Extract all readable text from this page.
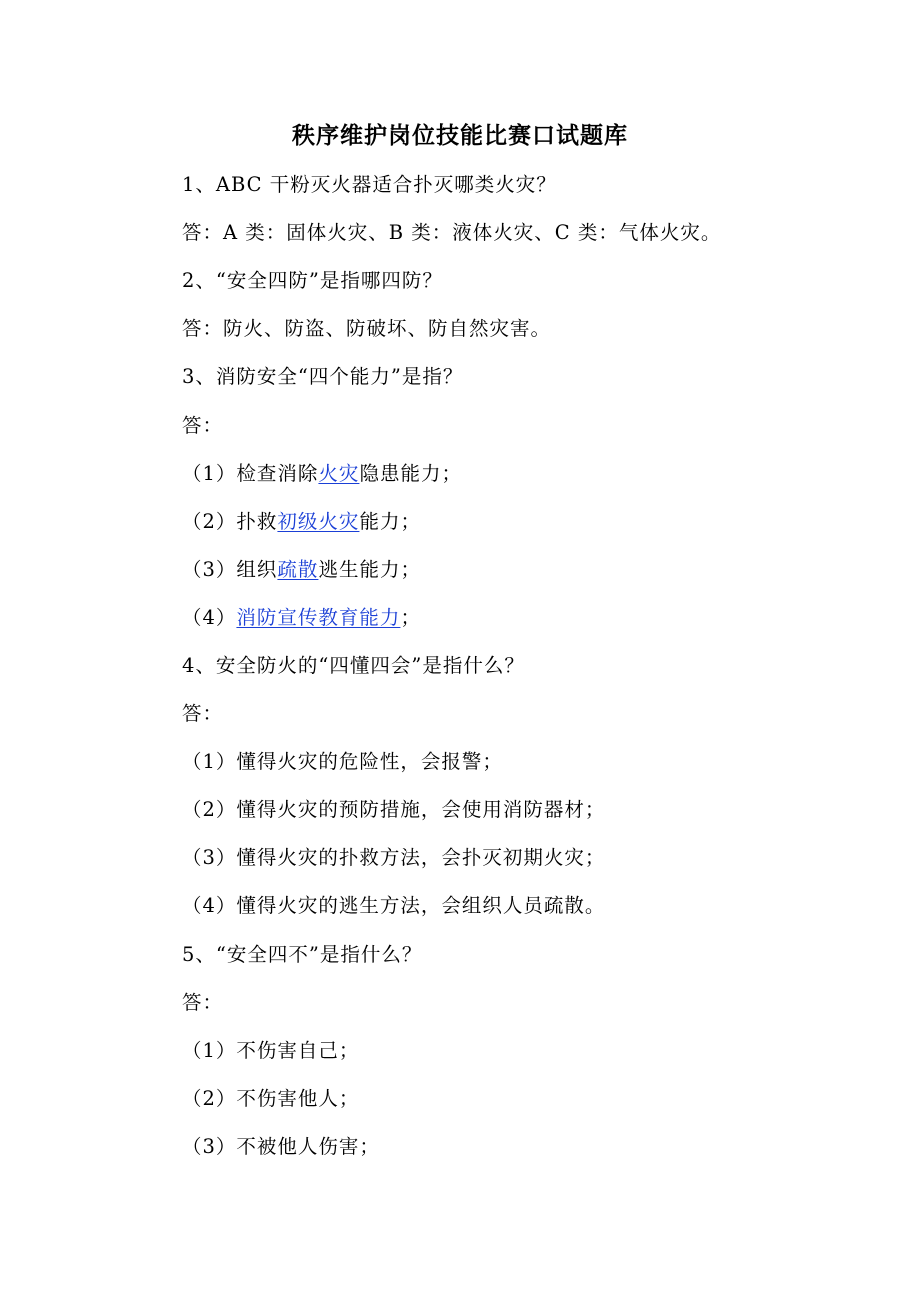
秩序维护岗位技能比赛口试题库
1、ABC 干粉灭火器适合扑灭哪类火灾？
答：A 类：固体火灾、B 类：液体火灾、C 类：气体火灾。
2、“安全四防”是指哪四防？
答：防火、防盗、防破坏、防自然灾害。
3、消防安全“四个能力”是指？
答：
（1）检查消除火灾隐患能力；
（2）扑救初级火灾能力；
（3）组织疏散逃生能力；
（4）消防宣传教育能力；
4、安全防火的“四懂四会”是指什么？
答：
（1）懂得火灾的危险性，会报警；
（2）懂得火灾的预防措施，会使用消防器材；
（3）懂得火灾的扑救方法，会扑灭初期火灾；
（4）懂得火灾的逃生方法，会组织人员疏散。
5、“安全四不”是指什么？
答：
（1）不伤害自己；
（2）不伤害他人；
（3）不被他人伤害；
